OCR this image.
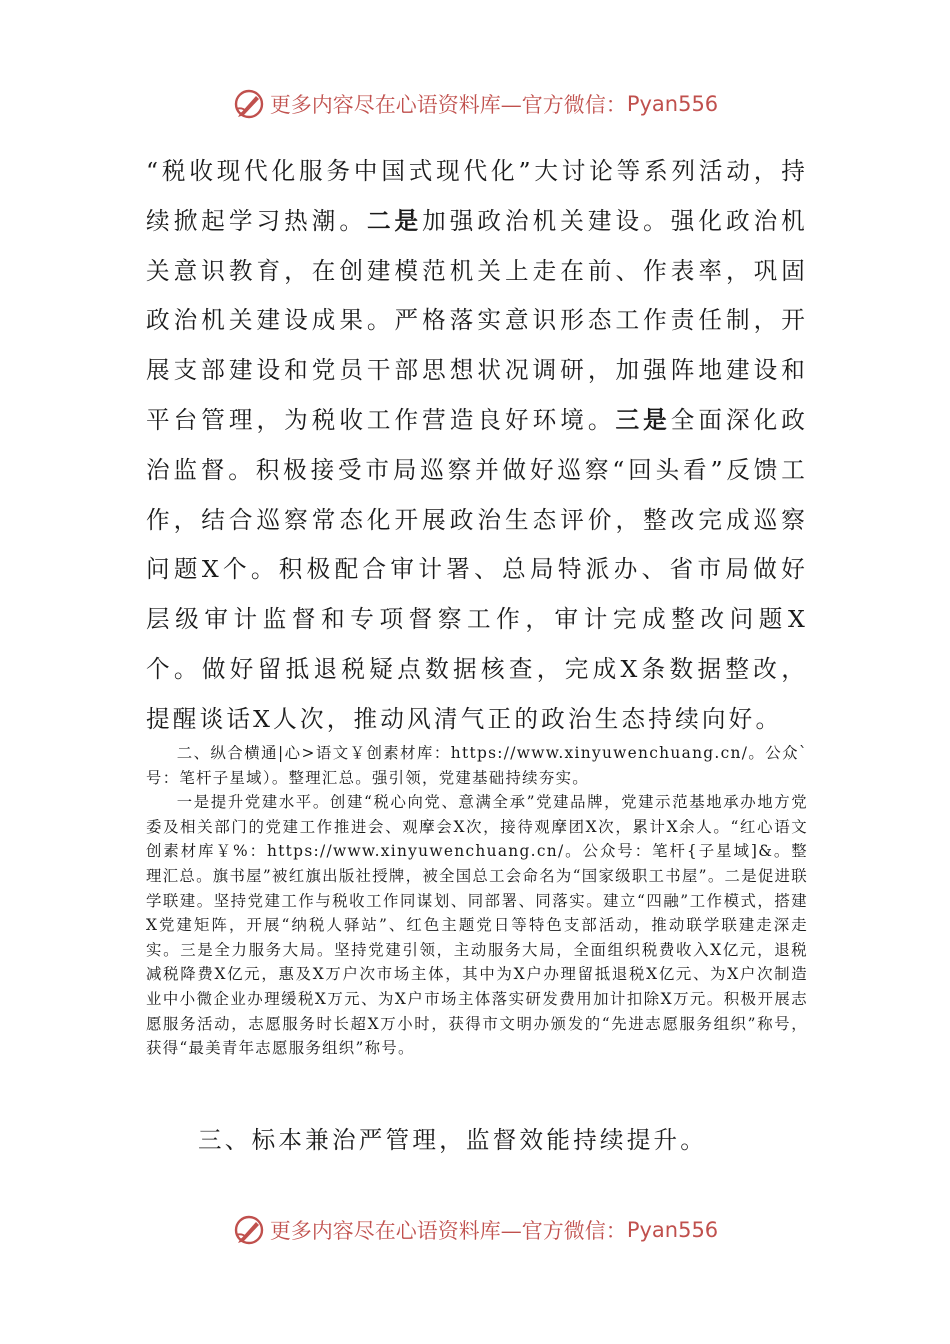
更多内容尽在心语资料库—官方微信： Pyan556

“税收现代化服务中国式现代化”大讨论等系列活动，持续掀起学习热潮。二是加强政治机关建设。强化政治机关意识教育，在创建模范机关上走在前、作表率，巩固政治机关建设成果。严格落实意识形态工作责任制，开展支部建设和党员干部思想状况调研，加强阵地建设和平台管理，为税收工作营造良好环境。三是全面深化政治监督。积极接受市局巡察并做好巡察“回头看”反馈工作，结合巡察常态化开展政治生态评价，整改完成巡察问题X个。积极配合审计署、总局特派办、省市局做好层级审计监督和专项督察工作，审计完成整改问题X个。做好留抵退税疑点数据核查，完成X条数据整改，提醒谈话X人次，推动风清气正的政治生态持续向好。

二、纵合横通|心>语文￥创素材库：https://www.xinyuwenchuang.cn/。公众`号：笔杆子星域）。整理汇总。强引领，党建基础持续夯实。

一是提升党建水平。创建“税心向党、意满全承”党建品牌，党建示范基地承办地方党委及相关部门的党建工作推进会、观摩会X次，接待观摩团X次，累计X余人。“红心语文创素材库￥%：https://www.xinyuwenchuang.cn/。公众号：笔杆{子星域]&。整理汇总。旗书屋”被红旗出版社授牌，被全国总工会命名为“国家级职工书屋”。二是促进联学联建。坚持党建工作与税收工作同谋划、同部署、同落实。建立“四融”工作模式，搭建X党建矩阵，开展“纳税人驿站”、红色主题党日等特色支部活动，推动联学联建走深走实。三是全力服务大局。坚持党建引领，主动服务大局，全面组织税费收入X亿元，退税减税降费X亿元，惠及X万户次市场主体，其中为X户办理留抵退税X亿元、为X户次制造业中小微企业办理缓税X万元、为X户市场主体落实研发费用加计扣除X万元。积极开展志愿服务活动，志愿服务时长超X万小时，获得市文明办颁发的“先进志愿服务组织”称号，获得“最美青年志愿服务组织”称号。

三、标本兼治严管理，监督效能持续提升。
更多内容尽在心语资料库—官方微信： Pyan556
